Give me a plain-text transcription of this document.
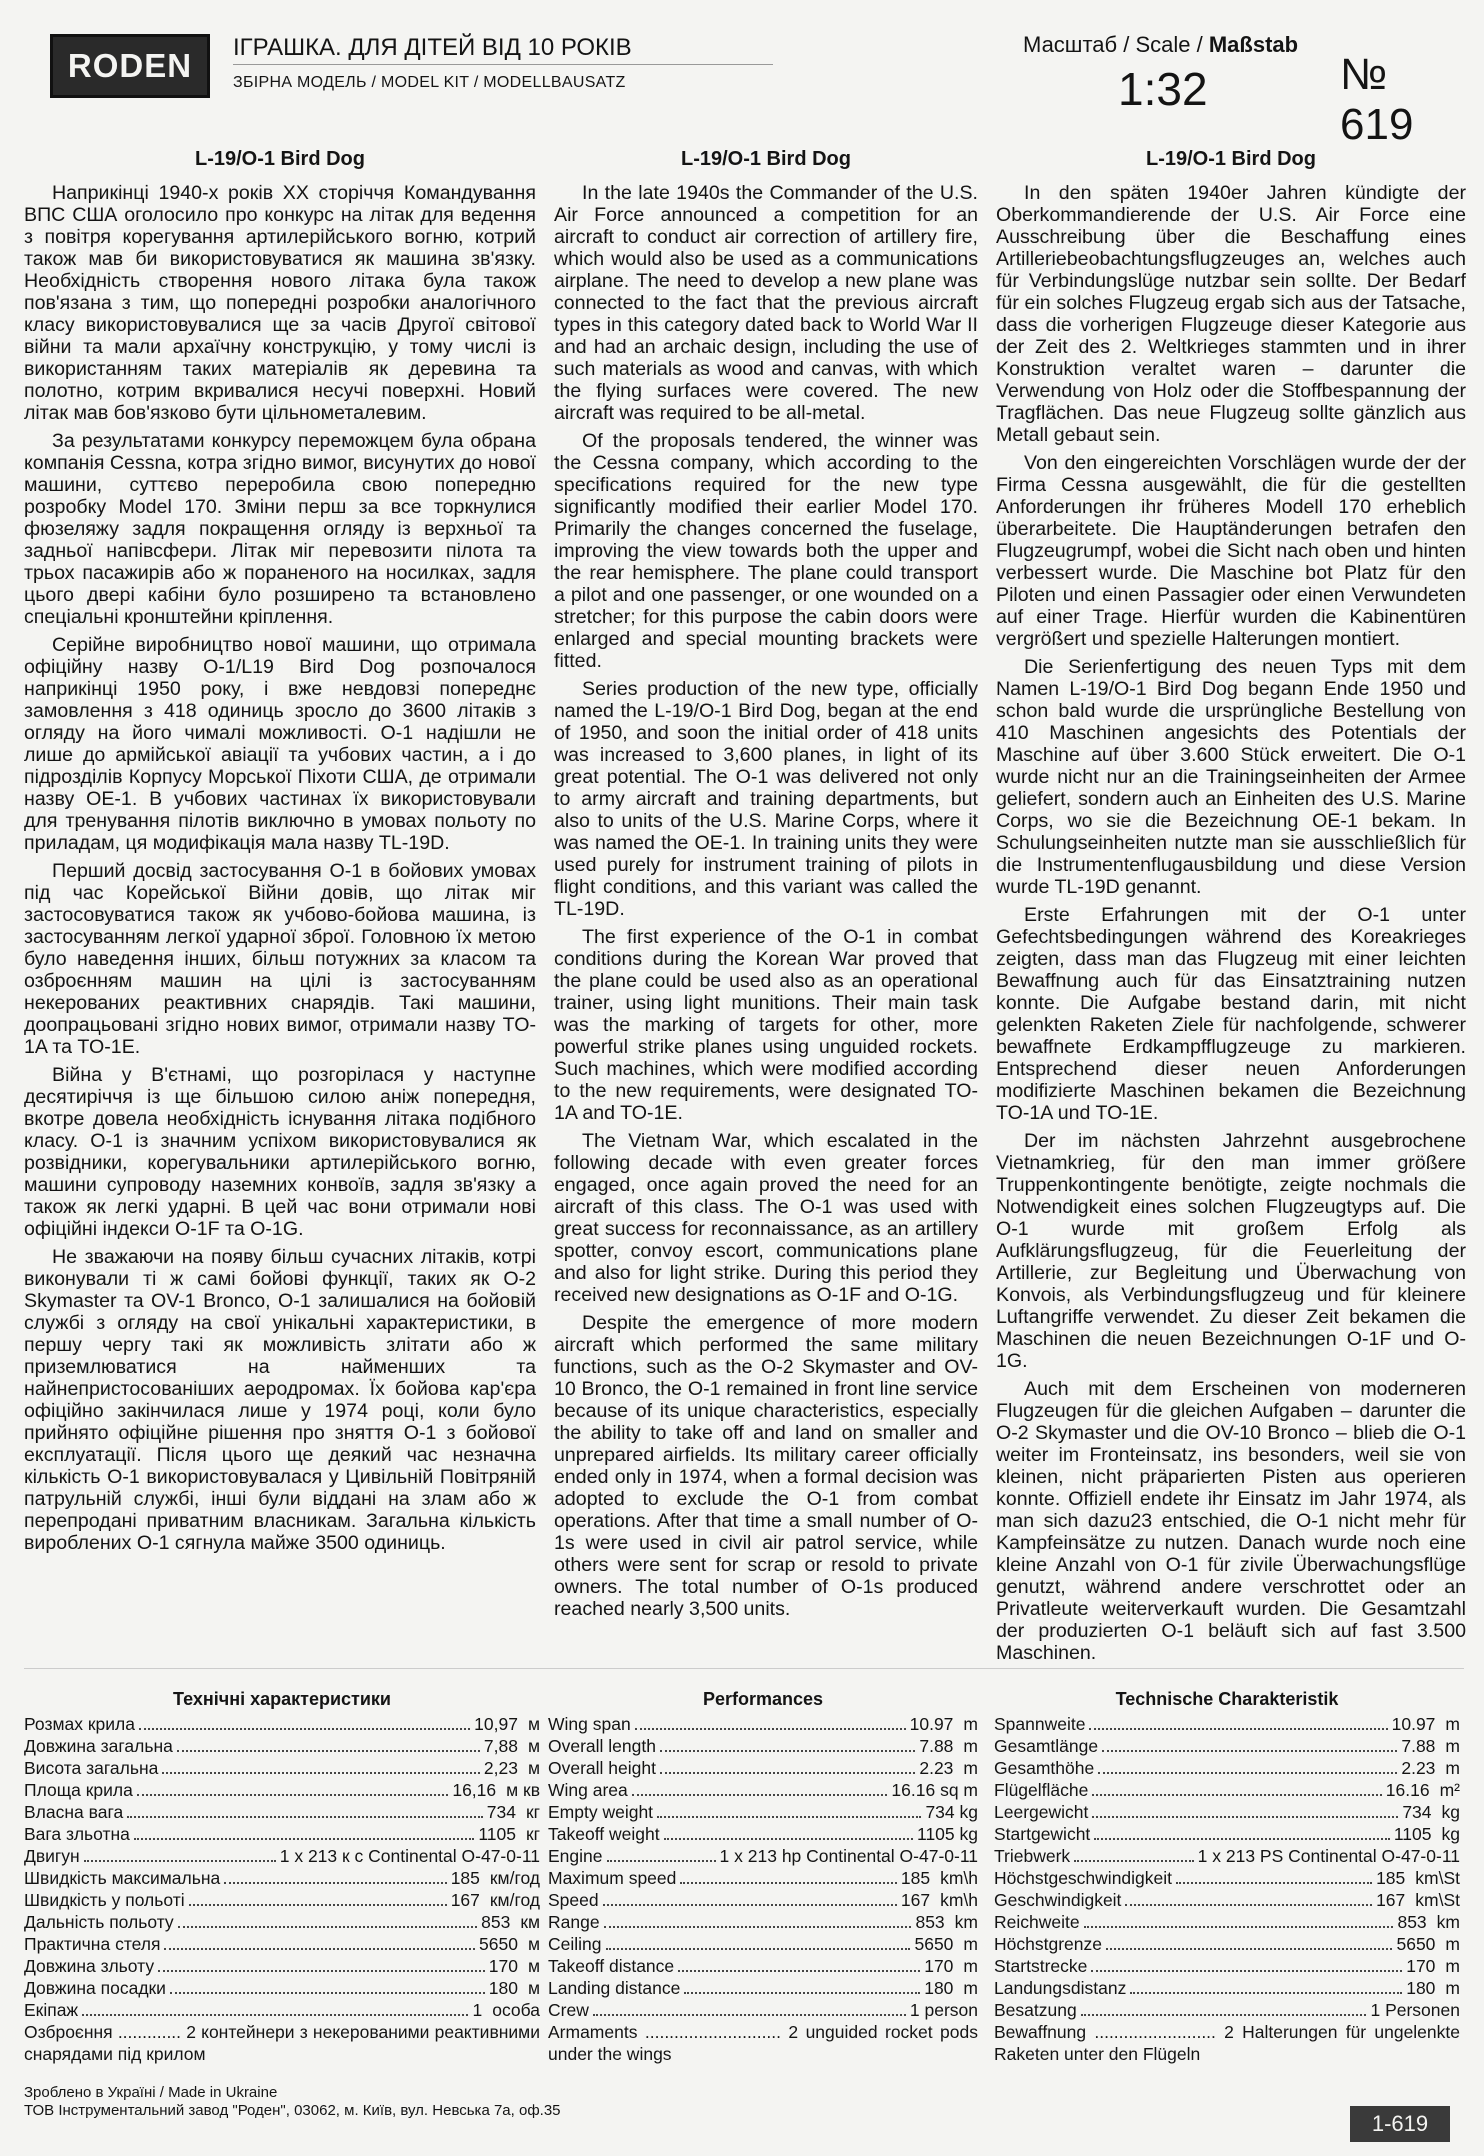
RODEN ІГРАШКА. ДЛЯ ДІТЕЙ ВІД 10 РОКІВ
ЗБІРНА МОДЕЛЬ / MODEL KIT / MODELLBAUSATZ
Масштаб / Scale / Maßstab
1:32	№ 619
L-19/O-1 Bird Dog

Наприкінці 1940-х років XX сторіччя Командування ВПС США оголосило про конкурс на літак для ведення з повітря корегування артилерійського вогню, котрий також мав би використовуватися як машина зв'язку. Необхідність створення нового літака була також пов'язана з тим, що попередні розробки аналогічного класу використовувалися ще за часів Другої світової війни та мали архаїчну конструкцію, у тому числі із використанням таких матеріалів як деревина та полотно, котрим вкривалися несучі поверхні. Новий літак мав бов'язково бути цільнометалевим.

За результатами конкурсу переможцем була обрана компанія Cessna, котра згідно вимог, висунутих до нової машини, суттєво переробила свою попередню розробку Model 170. Зміни перш за все торкнулися фюзеляжу задля покращення огляду із верхньої та задньої напівсфери. Літак міг перевозити пілота та трьох пасажирів або ж пораненого на носилках, задля цього двері кабіни було розширено та встановлено спеціальні кронштейни кріплення.

Серійне виробництво нової машини, що отримала офіційну назву O-1/L19 Bird Dog розпочалося наприкінці 1950 року, і вже невдовзі попереднє замовлення з 418 одиниць зросло до 3600 літаків з огляду на його чималі можливості. O-1 надішли не лише до армійської авіації та учбових частин, а і до підрозділів Корпусу Морської Піхоти США, де отримали назву OE-1. В учбових частинах їх використовували для тренування пілотів виключно в умовах польоту по приладам, ця модифікація мала назву TL-19D.

Перший досвід застосування O-1 в бойових умовах під час Корейської Війни довів, що літак міг застосовуватися також як учбово-бойова машина, із застосуванням легкої ударної зброї. Головною їх метою було наведення інших, більш потужних за класом та озброєнням машин на цілі із застосуванням некерованих реактивних снарядів. Такі машини, доопрацьовані згідно нових вимог, отримали назву TO-1A та TO-1E.

Війна у В'єтнамі, що розгорілася у наступне десятиріччя із ще більшою силою аніж попередня, вкотре довела необхідність існування літака подібного класу. O-1 із значним успіхом використовувалися як розвідники, корегувальники артилерійського вогню, машини супроводу наземних конвоїв, задля зв'язку а також як легкі ударні. В цей час вони отримали нові офіційні індекси O-1F та O-1G.

Не зважаючи на появу більш сучасних літаків, котрі виконували ті ж самі бойові функції, таких як O-2 Skymaster та OV-1 Bronco, O-1 залишалися на бойовій службі з огляду на свої унікальні характеристики, в першу чергу такі як можливість злітати або ж приземлюватися на найменших та найнепристосованіших аеродромах. Їх бойова кар'єра офіційно закінчилася лише у 1974 році, коли було прийнято офіційне рішення про зняття O-1 з бойової експлуатації. Після цього ще деякий час незначна кількість O-1 використовувалася у Цивільній Повітряній патрульній службі, інші були віддані на злам або ж перепродані приватним власникам. Загальна кількість вироблених O-1 сягнула майже 3500 одиниць.

L-19/O-1 Bird Dog

In the late 1940s the Commander of the U.S. Air Force announced a competition for an aircraft to conduct air correction of artillery fire, which would also be used as a communications airplane. The need to develop a new plane was connected to the fact that the previous aircraft types in this category dated back to World War II and had an archaic design, including the use of such materials as wood and canvas, with which the flying surfaces were covered. The new aircraft was required to be all-metal.

Of the proposals tendered, the winner was the Cessna company, which according to the specifications required for the new type significantly modified their earlier Model 170. Primarily the changes concerned the fuselage, improving the view towards both the upper and the rear hemisphere. The plane could transport a pilot and one passenger, or one wounded on a stretcher; for this purpose the cabin doors were enlarged and special mounting brackets were fitted.

Series production of the new type, officially named the L-19/O-1 Bird Dog, began at the end of 1950, and soon the initial order of 418 units was increased to 3,600 planes, in light of its great potential. The O-1 was delivered not only to army aircraft and training departments, but also to units of the U.S. Marine Corps, where it was named the OE-1. In training units they were used purely for instrument training of pilots in flight conditions, and this variant was called the TL-19D.

The first experience of the O-1 in combat conditions during the Korean War proved that the plane could be used also as an operational trainer, using light munitions. Their main task was the marking of targets for other, more powerful strike planes using unguided rockets. Such machines, which were modified according to the new requirements, were designated TO-1A and TO-1E.

The Vietnam War, which escalated in the following decade with even greater forces engaged, once again proved the need for an aircraft of this class. The O-1 was used with great success for reconnaissance, as an artillery spotter, convoy escort, communications plane and also for light strike. During this period they received new designations as O-1F and O-1G.

Despite the emergence of more modern aircraft which performed the same military functions, such as the O-2 Skymaster and OV-10 Bronco, the O-1 remained in front line service because of its unique characteristics, especially the ability to take off and land on smaller and unprepared airfields. Its military career officially ended only in 1974, when a formal decision was adopted to exclude the O-1 from combat operations. After that time a small number of O-1s were used in civil air patrol service, while others were sent for scrap or resold to private owners. The total number of O-1s produced reached nearly 3,500 units.

L-19/O-1 Bird Dog

In den späten 1940er Jahren kündigte der Oberkommandierende der U.S. Air Force eine Ausschreibung über die Beschaffung eines Artilleriebeobachtungsflugzeuges an, welches auch für Verbindungslüge nutzbar sein sollte. Der Bedarf für ein solches Flugzeug ergab sich aus der Tatsache, dass die vorherigen Flugzeuge dieser Kategorie aus der Zeit des 2. Weltkrieges stammten und in ihrer Konstruktion veraltet waren – darunter die Verwendung von Holz oder die Stoffbespannung der Tragflächen. Das neue Flugzeug sollte gänzlich aus Metall gebaut sein.

Von den eingereichten Vorschlägen wurde der der Firma Cessna ausgewählt, die für die gestellten Anforderungen ihr früheres Modell 170 erheblich überarbeitete. Die Hauptänderungen betrafen den Flugzeugrumpf, wobei die Sicht nach oben und hinten verbessert wurde. Die Maschine bot Platz für den Piloten und einen Passagier oder einen Verwundeten auf einer Trage. Hierfür wurden die Kabinentüren vergrößert und spezielle Halterungen montiert.

Die Serienfertigung des neuen Typs mit dem Namen L-19/O-1 Bird Dog begann Ende 1950 und schon bald wurde die ursprüngliche Bestellung von 410 Maschinen angesichts des Potentials der Maschine auf über 3.600 Stück erweitert. Die O-1 wurde nicht nur an die Trainingseinheiten der Armee geliefert, sondern auch an Einheiten des U.S. Marine Corps, wo sie die Bezeichnung OE-1 bekam. In Schulungseinheiten nutzte man sie ausschließlich für die Instrumentenflugausbildung und diese Version wurde TL-19D genannt.

Erste Erfahrungen mit der O-1 unter Gefechtsbedingungen während des Koreakrieges zeigten, dass man das Flugzeug mit einer leichten Bewaffnung auch für das Einsatztraining nutzen konnte. Die Aufgabe bestand darin, mit nicht gelenkten Raketen Ziele für nachfolgende, schwerer bewaffnete Erdkampfflugzeuge zu markieren. Entsprechend dieser neuen Anforderungen modifizierte Maschinen bekamen die Bezeichnung TO-1A und TO-1E.

Der im nächsten Jahrzehnt ausgebrochene Vietnamkrieg, für den man immer größere Truppenkontingente benötigte, zeigte nochmals die Notwendigkeit eines solchen Flugzeugtyps auf. Die O-1 wurde mit großem Erfolg als Aufklärungsflugzeug, für die Feuerleitung der Artillerie, zur Begleitung und Überwachung von Konvois, als Verbindungsflugzeug und für kleinere Luftangriffe verwendet. Zu dieser Zeit bekamen die Maschinen die neuen Bezeichnungen O-1F und O-1G.

Auch mit dem Erscheinen von moderneren Flugzeugen für die gleichen Aufgaben – darunter die O-2 Skymaster und die OV-10 Bronco – blieb die O-1 weiter im Fronteinsatz, ins besonders, weil sie von kleinen, nicht präparierten Pisten aus operieren konnte. Offiziell endete ihr Einsatz im Jahr 1974, als man sich dazu23 entschied, die O-1 nicht mehr für Kampfeinsätze zu nutzen. Danach wurde noch eine kleine Anzahl von O-1 für zivile Überwachungsflüge genutzt, während andere verschrottet oder an Privatleute weiterverkauft wurden. Die Gesamtzahl der produzierten O-1 beläuft sich auf fast 3.500 Maschinen.

Технічні характеристики
Розмах крила	10,97 м
Довжина загальна	7,88 м
Висота загальна	2,23 м
Площа крила	16,16 м кв
Власна вага	734 кг
Вага зльотна	1105 кг
Двигун	1 x 213 к с Continental O-47-0-11
Швидкість максимальна	185 км/год
Швидкість у польоті	167 км/год
Дальність польоту	853 км
Практична стеля	5650 м
Довжина зльоту	170 м
Довжина посадки	180 м
Екіпаж	1 особа
Озброєння ............. 2 контейнери з некерованими реактивними снарядами під крилом
Performances
Wing span	10.97 m
Overall length	7.88 m
Overall height	2.23 m
Wing area	16.16 sq m
Empty weight	734 kg
Takeoff weight	1105 kg
Engine	1 x 213 hp Continental O-47-0-11
Maximum speed	185 km\h
Speed	167 km\h
Range	853 km
Ceiling	5650 m
Takeoff distance	170 m
Landing distance	180 m
Crew	1 person
Armaments ............................ 2 unguided rocket pods under the wings
Technische Charakteristik
Spannweite	10.97 m
Gesamtlänge	7.88 m
Gesamthöhe	2.23 m
Flügelfläche	16.16 m²
Leergewicht	734 kg
Startgewicht	1105 kg
Triebwerk	1 x 213 PS Continental O-47-0-11
Höchstgeschwindigkeit	185 km\St
Geschwindigkeit	167 km\St
Reichweite	853 km
Höchstgrenze	5650 m
Startstrecke	170 m
Landungsdistanz	180 m
Besatzung	1 Personen
Bewaffnung ......................... 2 Halterungen für ungelenkte Raketen unter den Flügeln
Зроблено в Україні / Made in Ukraine
ТОВ Інструментальний завод "Роден", 03062, м. Київ, вул. Невська 7а, оф.35
1-619
